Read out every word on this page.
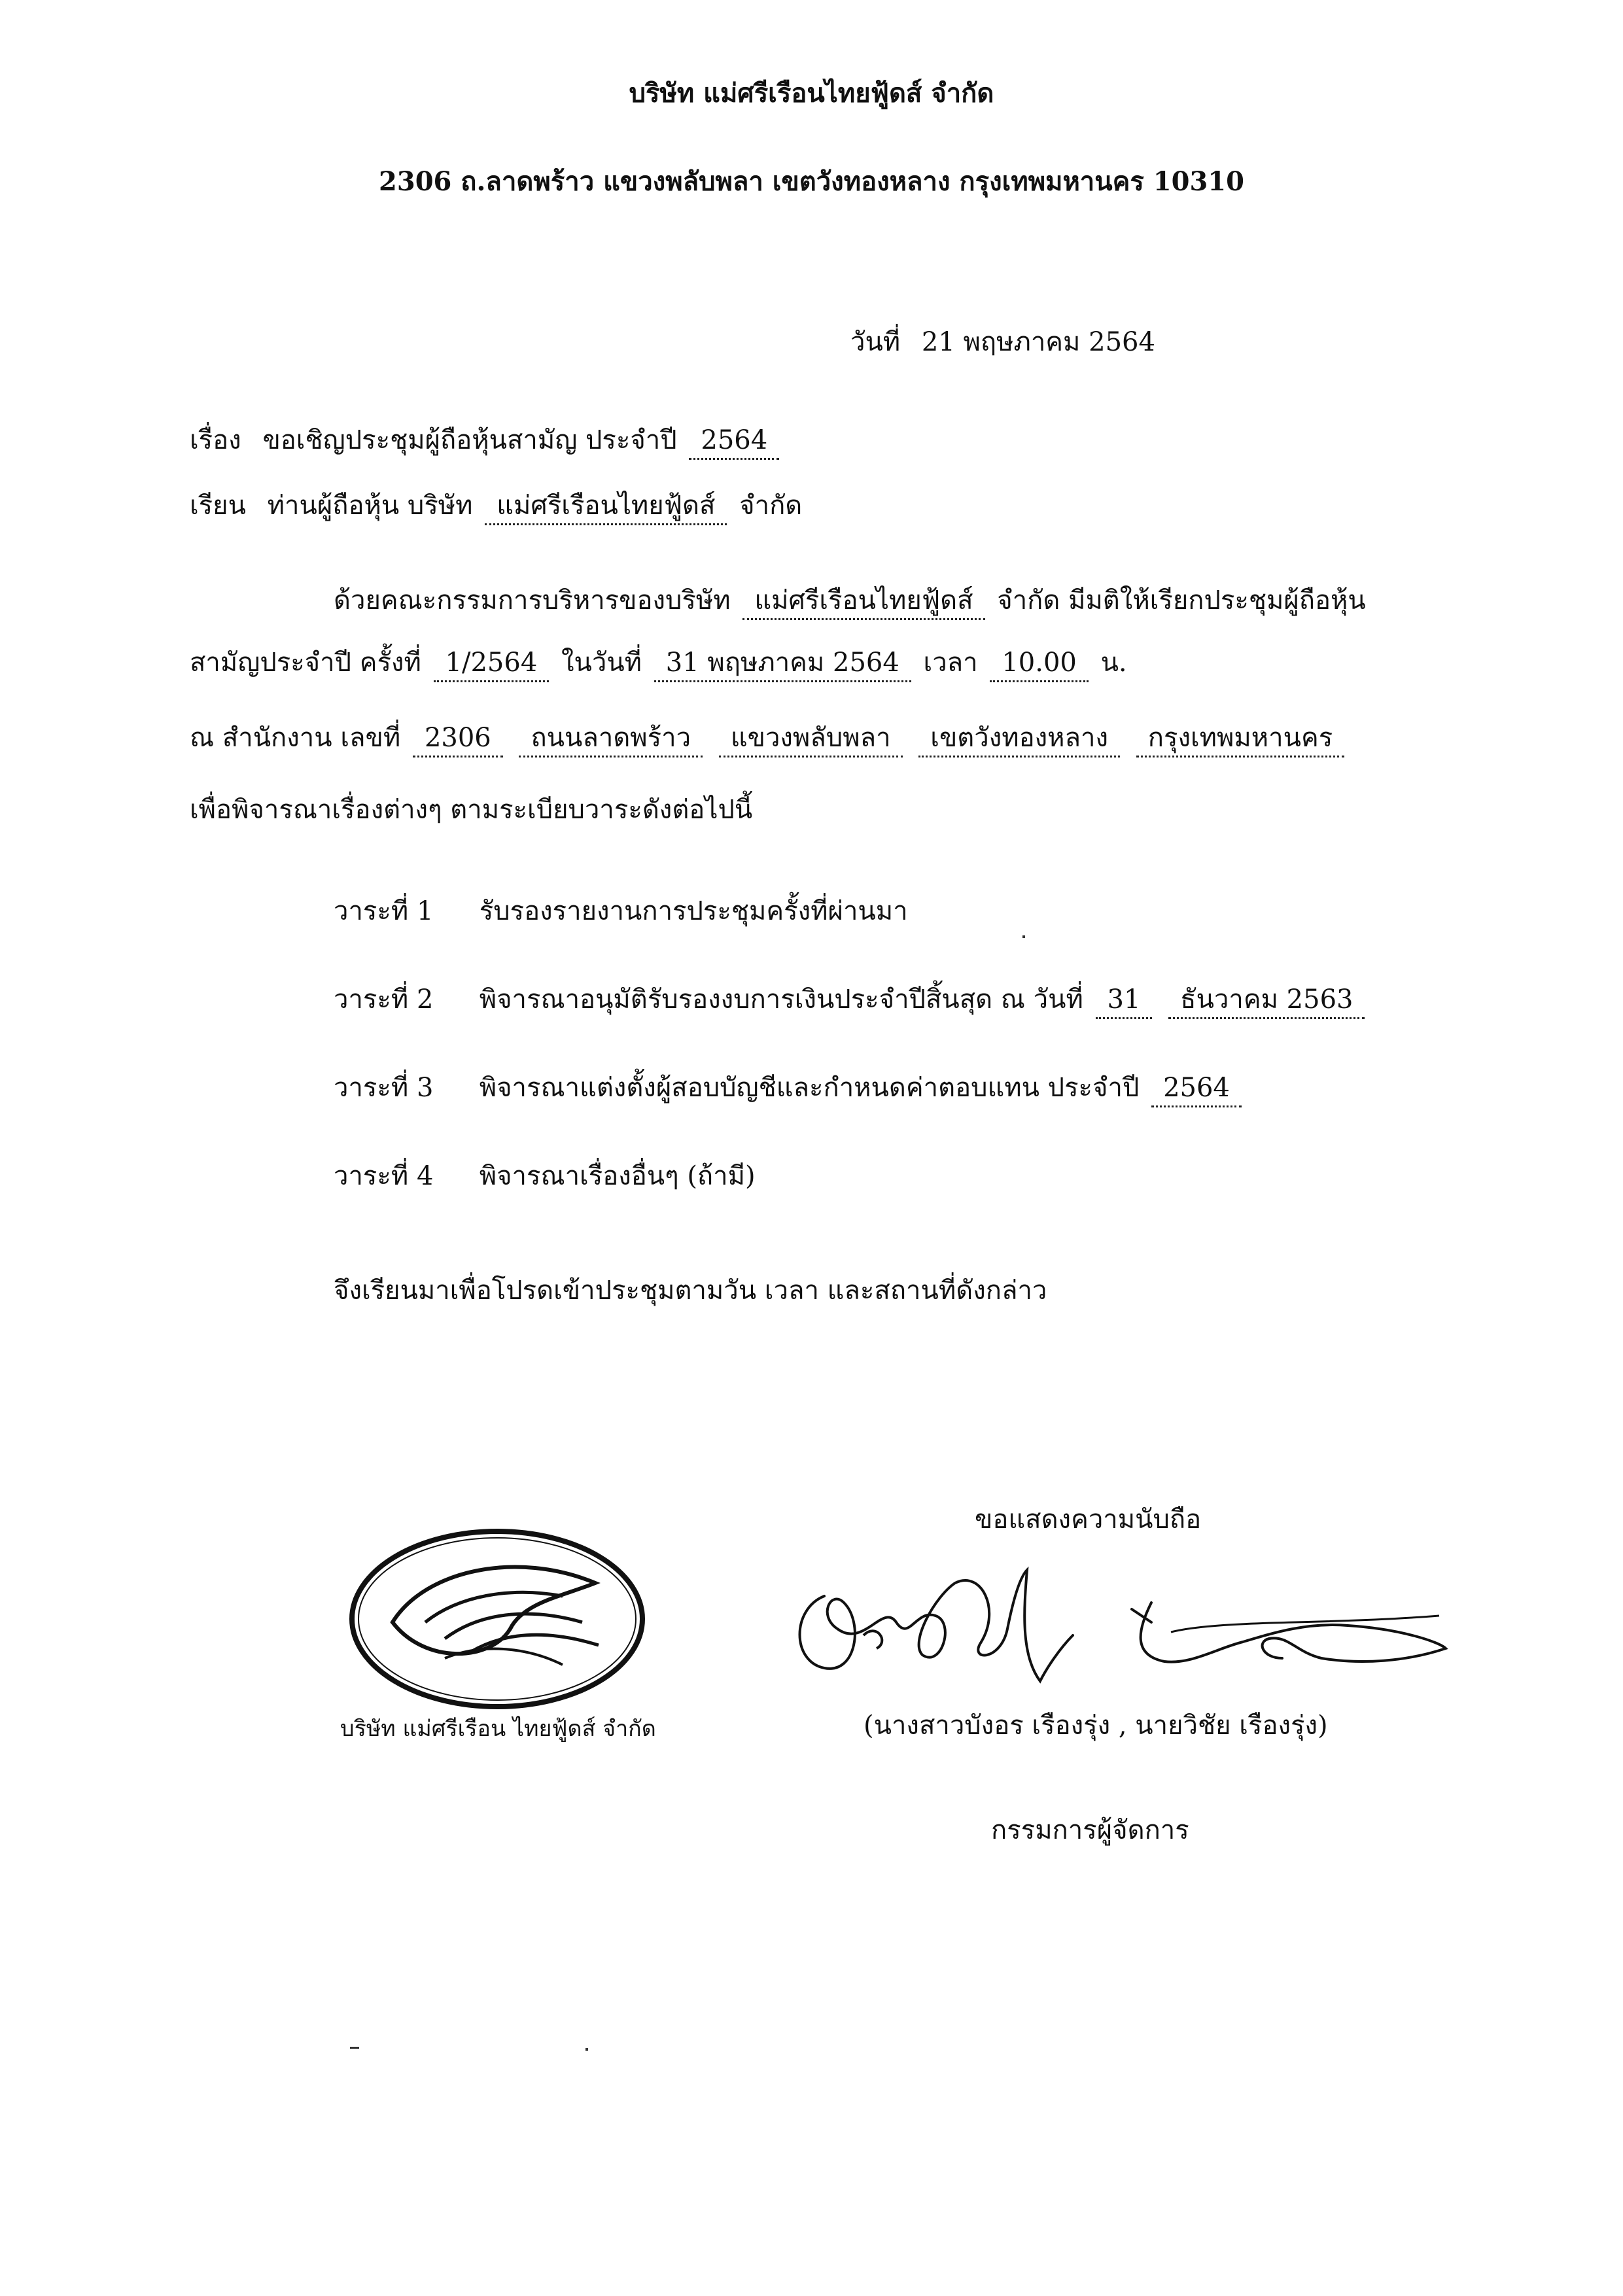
บริษัท แม่ศรีเรือนไทยฟู้ดส์ จำกัด
2306 ถ.ลาดพร้าว แขวงพลับพลา เขตวังทองหลาง กรุงเทพมหานคร 10310
วันที่ 21 พฤษภาคม 2564
เรื่อง ขอเชิญประชุมผู้ถือหุ้นสามัญ ประจำปี 2564
เรียน ท่านผู้ถือหุ้น บริษัท แม่ศรีเรือนไทยฟู้ดส์ จำกัด
ด้วยคณะกรรมการบริหารของบริษัท แม่ศรีเรือนไทยฟู้ดส์ จำกัด มีมติให้เรียกประชุมผู้ถือหุ้น
สามัญประจำปี ครั้งที่ 1/2564 ในวันที่ 31 พฤษภาคม 2564 เวลา 10.00 น.
ณ สำนักงาน เลขที่ 2306 ถนนลาดพร้าว แขวงพลับพลา เขตวังทองหลาง กรุงเทพมหานคร
เพื่อพิจารณาเรื่องต่างๆ ตามระเบียบวาระดังต่อไปนี้
วาระที่ 1 รับรองรายงานการประชุมครั้งที่ผ่านมา
วาระที่ 2 พิจารณาอนุมัติรับรองงบการเงินประจำปีสิ้นสุด ณ วันที่ 31 ธันวาคม 2563
วาระที่ 3 พิจารณาแต่งตั้งผู้สอบบัญชีและกำหนดค่าตอบแทน ประจำปี 2564
วาระที่ 4 พิจารณาเรื่องอื่นๆ (ถ้ามี)
จึงเรียนมาเพื่อโปรดเข้าประชุมตามวัน เวลา และสถานที่ดังกล่าว
ขอแสดงความนับถือ
บริษัท แม่ศรีเรือน ไทยฟู้ดส์ จำกัด	(นางสาวบังอร เรืองรุ่ง , นายวิชัย เรืองรุ่ง)
กรรมการผู้จัดการ
